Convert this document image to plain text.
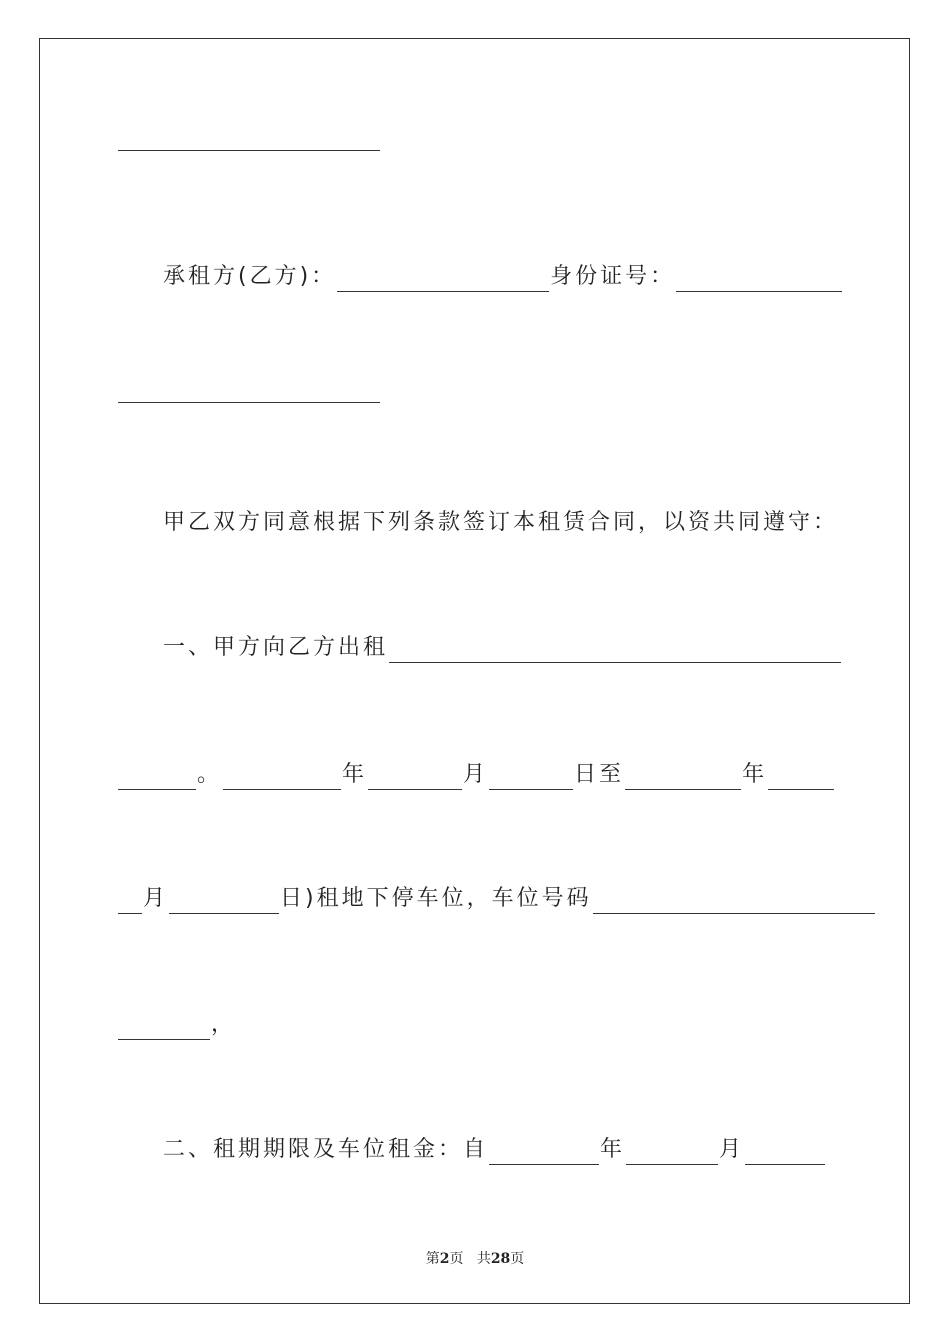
承租方(乙方)：	身份证号：
甲乙双方同意根据下列条款签订本租赁合同，以资共同遵守：
一、甲方向乙方出租
。	年	月	日至	年
月	日)租地下停车位，车位号码
，
二、租期期限及车位租金：自	年	月
第2页 共28页
